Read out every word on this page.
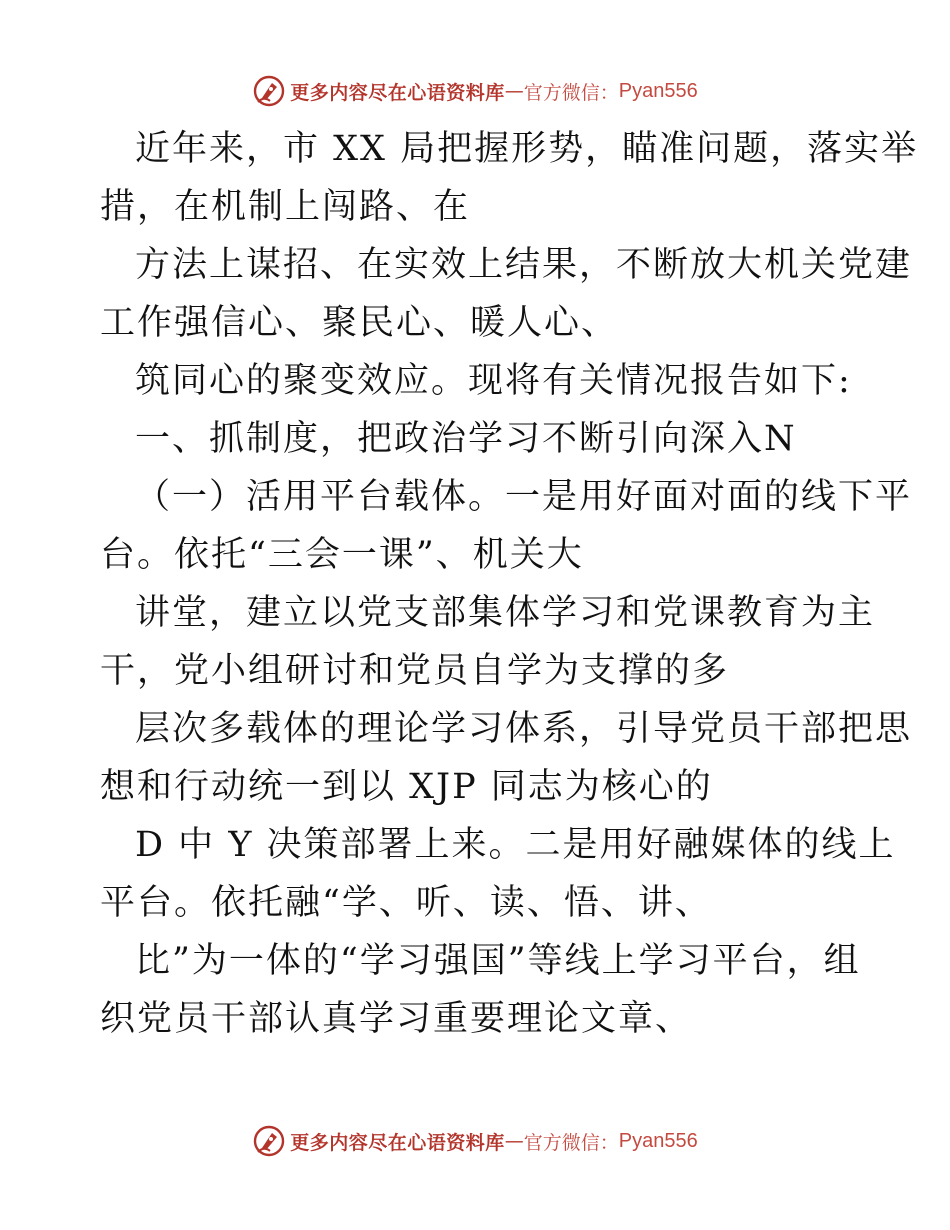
更多内容尽在心语资料库 — 官方微信： Pyan556
近年来，市 XX 局把握形势，瞄准问题，落实举
措，在机制上闯路、在
方法上谋招、在实效上结果，不断放大机关党建
工作强信心、聚民心、暖人心、
筑同心的聚变效应。现将有关情况报告如下:
一、抓制度，把政治学习不断引向深入N
（一）活用平台载体。一是用好面对面的线下平
台。依托“三会一课”、机关大
讲堂，建立以党支部集体学习和党课教育为主
干，党小组研讨和党员自学为支撑的多
层次多载体的理论学习体系，引导党员干部把思
想和行动统一到以 XJP 同志为核心的
D 中 Y 决策部署上来。二是用好融媒体的线上
平台。依托融“学、听、读、悟、讲、
比”为一体的“学习强国”等线上学习平台，组
织党员干部认真学习重要理论文章、
更多内容尽在心语资料库 — 官方微信： Pyan556
